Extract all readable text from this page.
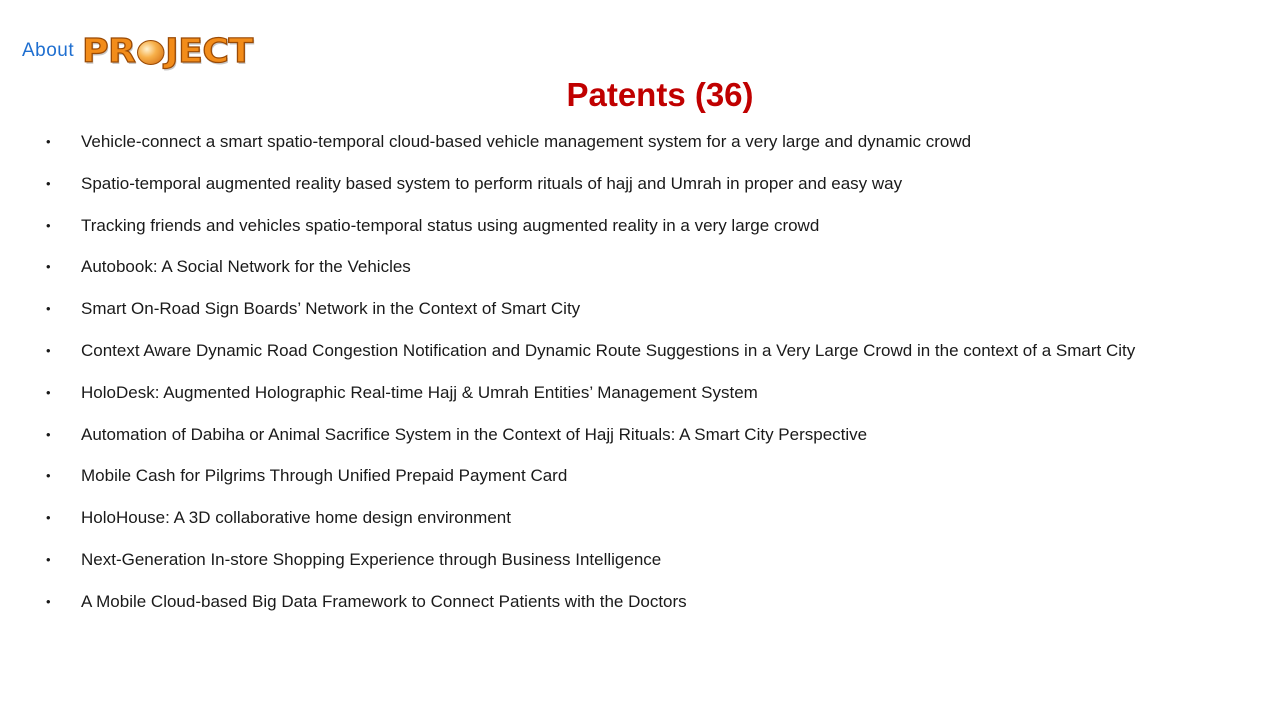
About PR JECT
Patents (36)
• Vehicle-connect a smart spatio-temporal cloud-based vehicle management system for a very large and dynamic crowd
• Spatio-temporal augmented reality based system to perform rituals of hajj and Umrah in proper and easy way
• Tracking friends and vehicles spatio-temporal status using augmented reality in a very large crowd
• Autobook: A Social Network for the Vehicles
• Smart On-Road Sign Boards’ Network in the Context of Smart City
• Context Aware Dynamic Road Congestion Notification and Dynamic Route Suggestions in a Very Large Crowd in the context of a Smart City
• HoloDesk: Augmented Holographic Real-time Hajj & Umrah Entities’ Management System
• Automation of Dabiha or Animal Sacrifice System in the Context of Hajj Rituals: A Smart City Perspective
• Mobile Cash for Pilgrims Through Unified Prepaid Payment Card
• HoloHouse: A 3D collaborative home design environment
• Next-Generation In-store Shopping Experience through Business Intelligence
• A Mobile Cloud-based Big Data Framework to Connect Patients with the Doctors
